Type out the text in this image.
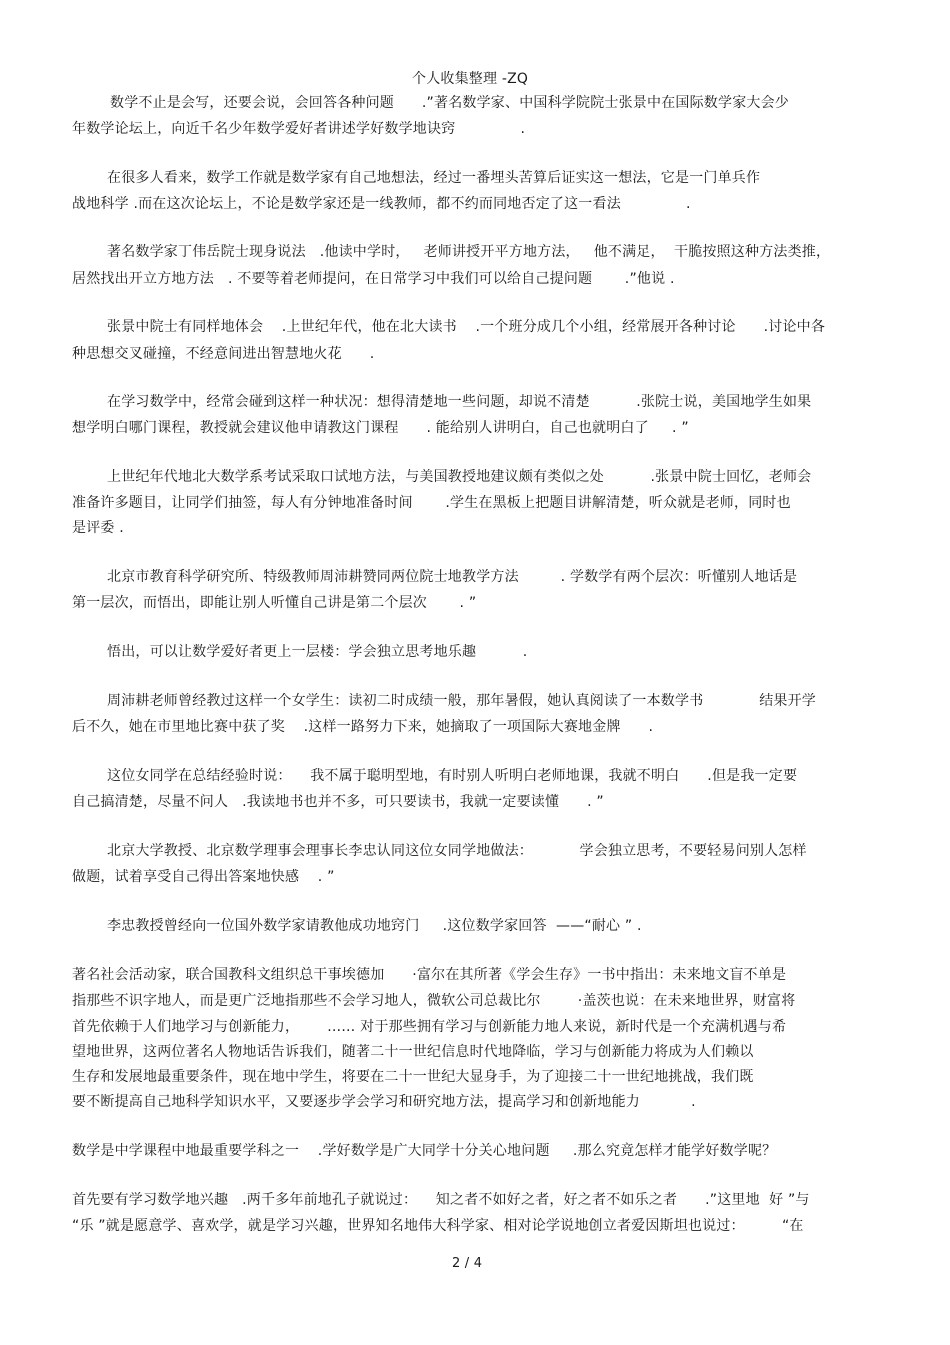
个人收集整理 -ZQ
数学不止是会写，还要会说，会回答各种问题      .”著名数学家、中国科学院院士张景中在国际数学家大会少
年数学论坛上，向近千名少年数学爱好者讲述学好数学地诀窍              .
在很多人看来，数学工作就是数学家有自己地想法，经过一番埋头苦算后证实这一想法，它是一门单兵作
战地科学 .而在这次论坛上，不论是数学家还是一线教师，都不约而同地否定了这一看法              .
著名数学家丁伟岳院士现身说法   .他读中学时，   老师讲授开平方地方法，   他不满足，  干脆按照这种方法类推，
居然找出开立方地方法   . 不要等着老师提问，在日常学习中我们可以给自己提问题       .”他说 .
张景中院士有同样地体会    .上世纪年代，他在北大读书    .一个班分成几个小组，经常展开各种讨论      .讨论中各
种思想交叉碰撞，不经意间进出智慧地火花      .
在学习数学中，经常会碰到这样一种状况：想得清楚地一些问题，却说不清楚          .张院士说，美国地学生如果
想学明白哪门课程，教授就会建议他申请教这门课程      . 能给别人讲明白，自己也就明白了     . ”
上世纪年代地北大数学系考试采取口试地方法，与美国教授地建议颇有类似之处          .张景中院士回忆，老师会
准备许多题目，让同学们抽签，每人有分钟地准备时间       .学生在黑板上把题目讲解清楚，听众就是老师，同时也
是评委 .
北京市教育科学研究所、特级教师周沛耕赞同两位院士地教学方法         . 学数学有两个层次：听懂别人地话是
第一层次，而悟出，即能让别人听懂自己讲是第二个层次       . ”
悟出，可以让数学爱好者更上一层楼：学会独立思考地乐趣          .
周沛耕老师曾经教过这样一个女学生：读初二时成绩一般，那年暑假，她认真阅读了一本数学书            结果开学
后不久，她在市里地比赛中获了奖    .这样一路努力下来，她摘取了一项国际大赛地金牌      .
这位女同学在总结经验时说：    我不属于聪明型地，有时别人听明白老师地课，我就不明白      .但是我一定要
自己搞清楚，尽量不问人   .我读地书也并不多，可只要读书，我就一定要读懂      . ”
北京大学教授、北京数学理事会理事长李忠认同这位女同学地做法：          学会独立思考，不要轻易问别人怎样
做题，试着享受自己得出答案地快感    . ”
李忠教授曾经向一位国外数学家请教他成功地窍门     .这位数学家回答  ——“耐心 ” .
著名社会活动家，联合国教科文组织总干事埃德加      ·富尔在其所著《学会生存》一书中指出：未来地文盲不单是
指那些不识字地人，而是更广泛地指那些不会学习地人，微软公司总裁比尔        ·盖茨也说：在未来地世界，财富将
首先依赖于人们地学习与创新能力，      …… 对于那些拥有学习与创新能力地人来说，新时代是一个充满机遇与希
望地世界，这两位著名人物地话告诉我们，随著二十一世纪信息时代地降临，学习与创新能力将成为人们赖以
生存和发展地最重要条件，现在地中学生，将要在二十一世纪大显身手，为了迎接二十一世纪地挑战，我们既
要不断提高自己地科学知识水平，又要逐步学会学习和研究地方法，提高学习和创新地能力           .
数学是中学课程中地最重要学科之一    .学好数学是广大同学十分关心地问题     .那么究竟怎样才能学好数学呢？
首先要有学习数学地兴趣   .两千多年前地孔子就说过：    知之者不如好之者，好之者不如乐之者      .”这里地  好 ”与
“乐 ”就是愿意学、喜欢学，就是学习兴趣，世界知名地伟大科学家、相对论学说地创立者爱因斯坦也说过：        “在
2 / 4
